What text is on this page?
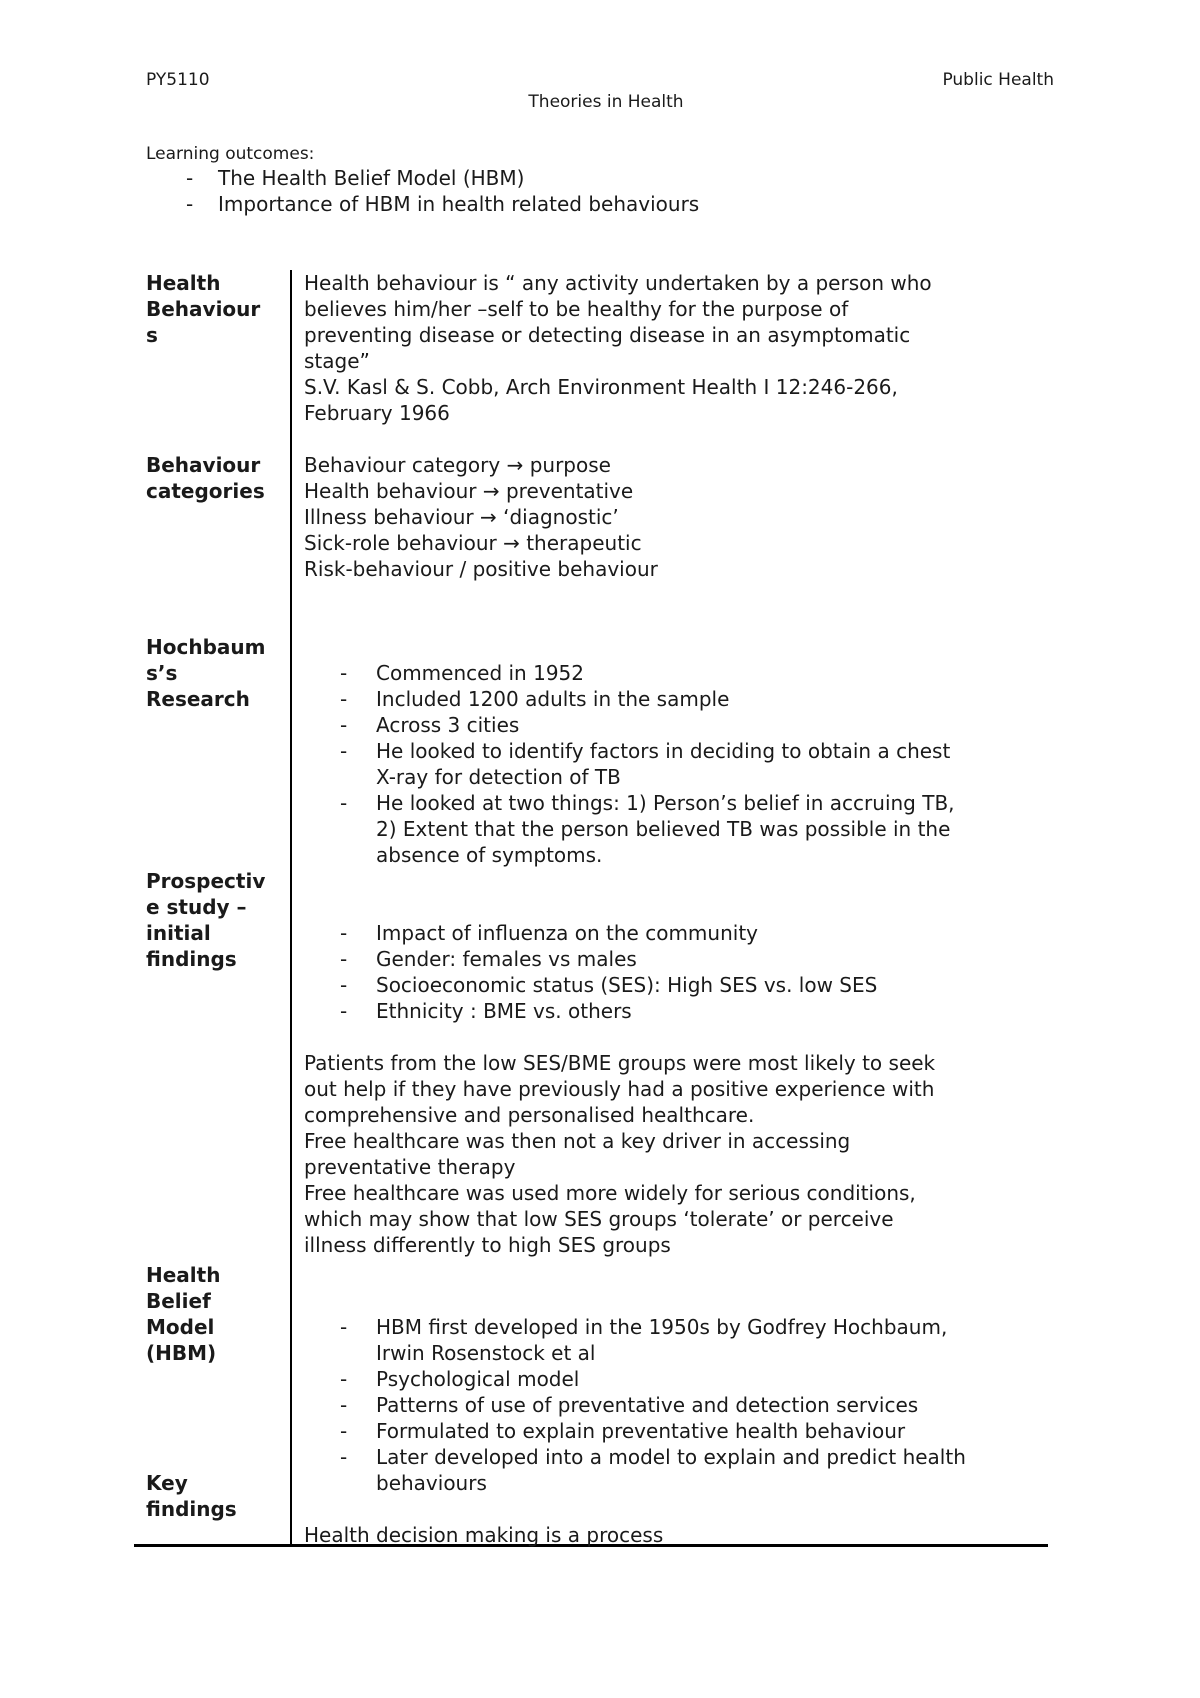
PY5110	Public Health
Theories in Health
Learning outcomes:
- The Health Belief Model (HBM)
- Importance of HBM in health related behaviours
Health
Behaviour
s
Behaviour
categories
Hochbaum
s’s
Research
Prospectiv
e study –
initial
findings
Health
Belief
Model
(HBM)
Key
findings
Health behaviour is “ any activity undertaken by a person who
believes him/her –self to be healthy for the purpose of
preventing disease or detecting disease in an asymptomatic
stage”
S.V. Kasl & S. Cobb, Arch Environment Health I 12:246-266,
February 1966
Behaviour category → purpose
Health behaviour → preventative
Illness behaviour → ‘diagnostic’
Sick-role behaviour → therapeutic
Risk-behaviour / positive behaviour
- Commenced in 1952
- Included 1200 adults in the sample
- Across 3 cities
- He looked to identify factors in deciding to obtain a chest
X-ray for detection of TB
- He looked at two things: 1) Person’s belief in accruing TB,
2) Extent that the person believed TB was possible in the
absence of symptoms.
- Impact of influenza on the community
- Gender: females vs males
- Socioeconomic status (SES): High SES vs. low SES
- Ethnicity : BME vs. others
Patients from the low SES/BME groups were most likely to seek
out help if they have previously had a positive experience with
comprehensive and personalised healthcare.
Free healthcare was then not a key driver in accessing
preventative therapy
Free healthcare was used more widely for serious conditions,
which may show that low SES groups ‘tolerate’ or perceive
illness differently to high SES groups
- HBM first developed in the 1950s by Godfrey Hochbaum,
Irwin Rosenstock et al
- Psychological model
- Patterns of use of preventative and detection services
- Formulated to explain preventative health behaviour
- Later developed into a model to explain and predict health
behaviours
Health decision making is a process
